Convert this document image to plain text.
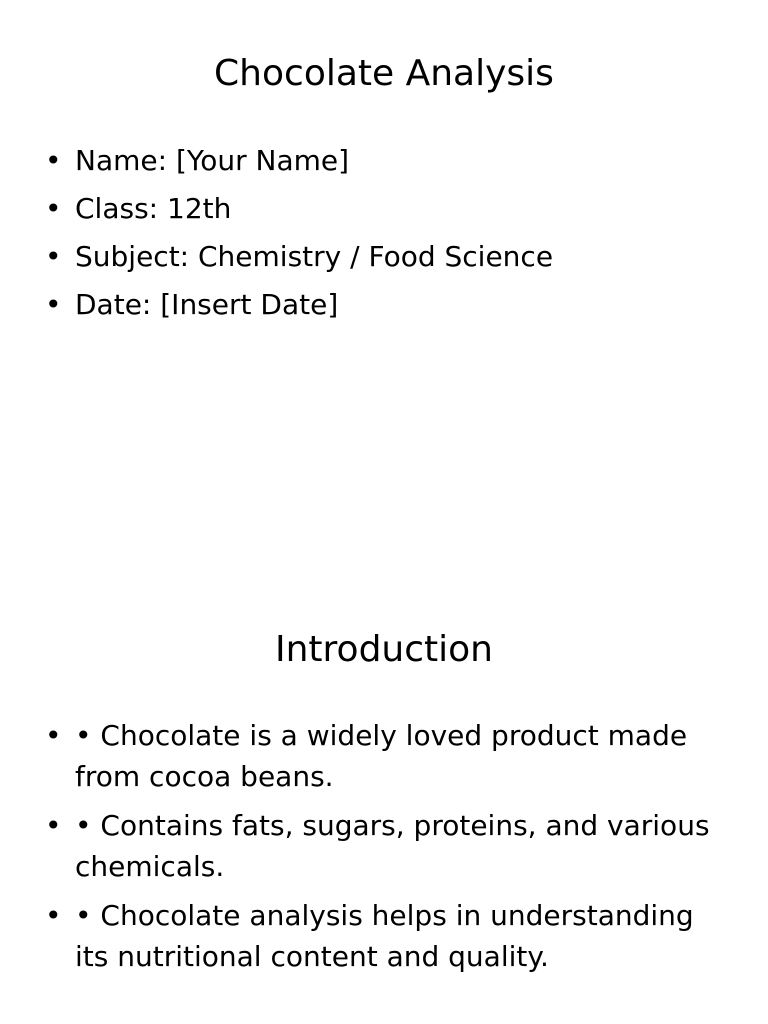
Chocolate Analysis
• Name: [Your Name]
• Class: 12th
• Subject: Chemistry / Food Science
• Date: [Insert Date]
Introduction
• • Chocolate is a widely loved product made from cocoa beans.
• • Contains fats, sugars, proteins, and various chemicals.
• • Chocolate analysis helps in understanding its nutritional content and quality.
